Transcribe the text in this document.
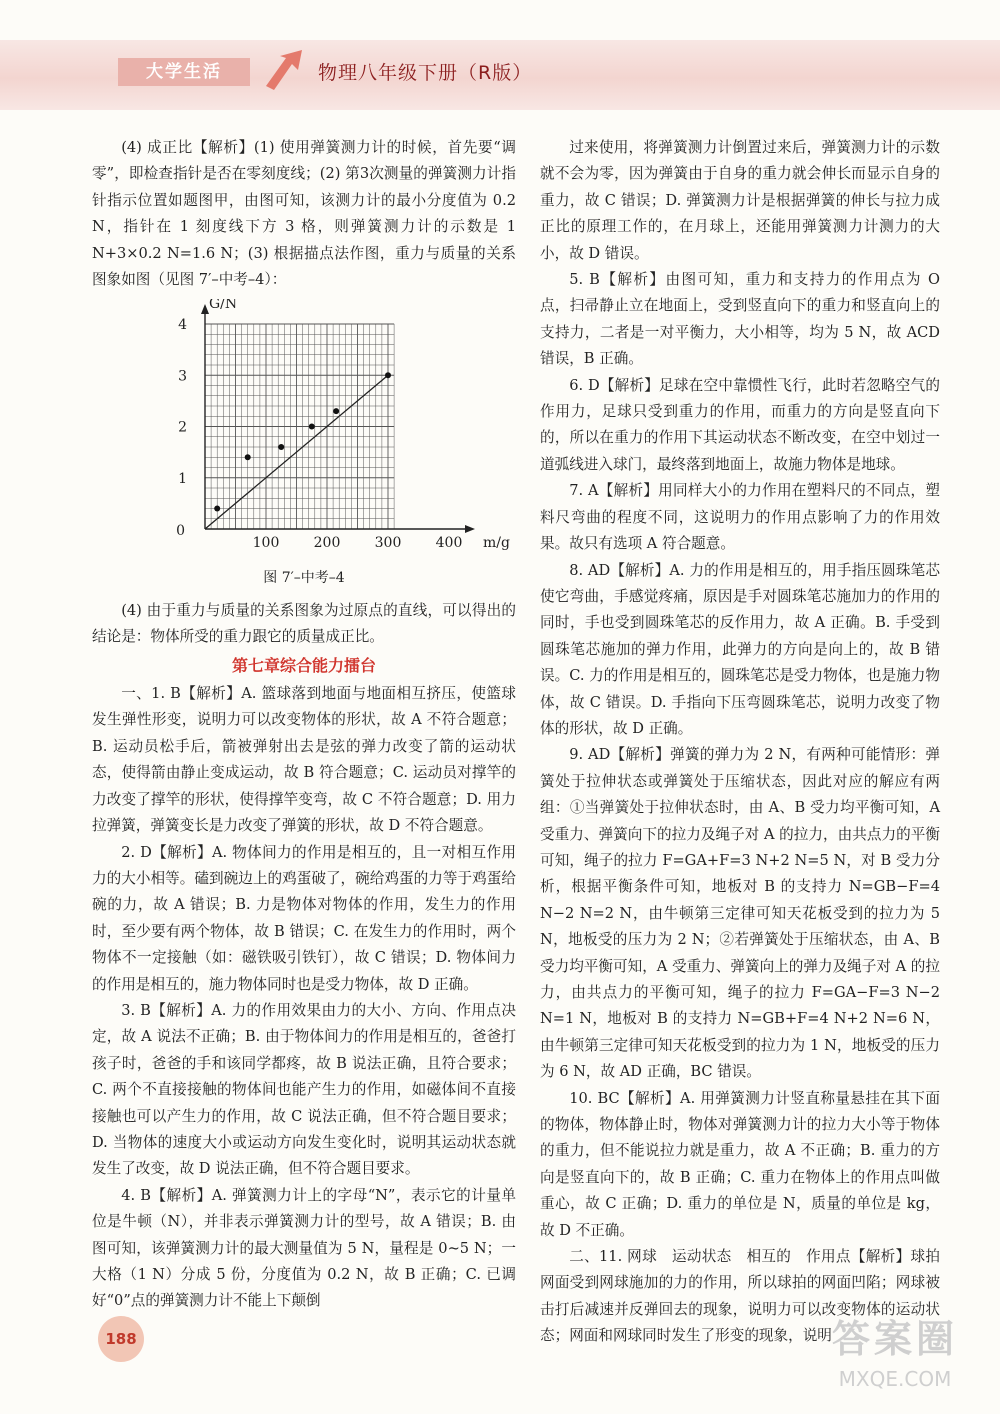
大学生活	物理八年级下册（R版）

(4) 成正比【解析】(1) 使用弹簧测力计的时候，首先要“调零”，即检查指针是否在零刻度线；(2) 第3次测量的弹簧测力计指针指示位置如题图甲，由图可知，该测力计的最小分度值为 0.2 N，指针在 1 刻度线下方 3 格，则弹簧测力计的示数是 1 N+3×0.2 N=1.6 N；(3) 根据描点法作图，重力与质量的关系图象如图（见图 7′–中考–4）：

100 200 300 400
1
2
3
4
0
G/N
m/g
图 7′–中考–4

(4) 由于重力与质量的关系图象为过原点的直线，可以得出的结论是：物体所受的重力跟它的质量成正比。

第七章综合能力擂台

一、1. B【解析】A. 篮球落到地面与地面相互挤压，使篮球发生弹性形变，说明力可以改变物体的形状，故 A 不符合题意；B. 运动员松手后，箭被弹射出去是弦的弹力改变了箭的运动状态，使得箭由静止变成运动，故 B 符合题意；C. 运动员对撑竿的力改变了撑竿的形状，使得撑竿变弯，故 C 不符合题意；D. 用力拉弹簧，弹簧变长是力改变了弹簧的形状，故 D 不符合题意。

2. D【解析】A. 物体间力的作用是相互的，且一对相互作用力的大小相等。磕到碗边上的鸡蛋破了，碗给鸡蛋的力等于鸡蛋给碗的力，故 A 错误；B. 力是物体对物体的作用，发生力的作用时，至少要有两个物体，故 B 错误；C. 在发生力的作用时，两个物体不一定接触（如：磁铁吸引铁钉），故 C 错误；D. 物体间力的作用是相互的，施力物体同时也是受力物体，故 D 正确。

3. B【解析】A. 力的作用效果由力的大小、方向、作用点决定，故 A 说法不正确；B. 由于物体间力的作用是相互的，爸爸打孩子时，爸爸的手和该同学都疼，故 B 说法正确，且符合要求；C. 两个不直接接触的物体间也能产生力的作用，如磁体间不直接接触也可以产生力的作用，故 C 说法正确，但不符合题目要求；D. 当物体的速度大小或运动方向发生变化时，说明其运动状态就发生了改变，故 D 说法正确，但不符合题目要求。

4. B【解析】A. 弹簧测力计上的字母“N”，表示它的计量单位是牛顿（N），并非表示弹簧测力计的型号，故 A 错误；B. 由图可知，该弹簧测力计的最大测量值为 5 N，量程是 0~5 N；一大格（1 N）分成 5 份，分度值为 0.2 N，故 B 正确；C. 已调好“0”点的弹簧测力计不能上下颠倒

过来使用，将弹簧测力计倒置过来后，弹簧测力计的示数就不会为零，因为弹簧由于自身的重力就会伸长而显示自身的重力，故 C 错误；D. 弹簧测力计是根据弹簧的伸长与拉力成正比的原理工作的，在月球上，还能用弹簧测力计测力的大小，故 D 错误。

5. B【解析】由图可知，重力和支持力的作用点为 O 点，扫帚静止立在地面上，受到竖直向下的重力和竖直向上的支持力，二者是一对平衡力，大小相等，均为 5 N，故 ACD 错误，B 正确。

6. D【解析】足球在空中靠惯性飞行，此时若忽略空气的作用力，足球只受到重力的作用，而重力的方向是竖直向下的，所以在重力的作用下其运动状态不断改变，在空中划过一道弧线进入球门，最终落到地面上，故施力物体是地球。

7. A【解析】用同样大小的力作用在塑料尺的不同点，塑料尺弯曲的程度不同，这说明力的作用点影响了力的作用效果。故只有选项 A 符合题意。

8. AD【解析】A. 力的作用是相互的，用手指压圆珠笔芯使它弯曲，手感觉疼痛，原因是手对圆珠笔芯施加力的作用的同时，手也受到圆珠笔芯的反作用力，故 A 正确。B. 手受到圆珠笔芯施加的弹力作用，此弹力的方向是向上的，故 B 错误。C. 力的作用是相互的，圆珠笔芯是受力物体，也是施力物体，故 C 错误。D. 手指向下压弯圆珠笔芯，说明力改变了物体的形状，故 D 正确。

9. AD【解析】弹簧的弹力为 2 N，有两种可能情形：弹簧处于拉伸状态或弹簧处于压缩状态，因此对应的解应有两组：①当弹簧处于拉伸状态时，由 A、B 受力均平衡可知，A 受重力、弹簧向下的拉力及绳子对 A 的拉力，由共点力的平衡可知，绳子的拉力 F=GA+F=3 N+2 N=5 N，对 B 受力分析，根据平衡条件可知，地板对 B 的支持力 N=GB−F=4 N−2 N=2 N，由牛顿第三定律可知天花板受到的拉力为 5 N，地板受的压力为 2 N；②若弹簧处于压缩状态，由 A、B 受力均平衡可知，A 受重力、弹簧向上的弹力及绳子对 A 的拉力，由共点力的平衡可知，绳子的拉力 F=GA−F=3 N−2 N=1 N，地板对 B 的支持力 N=GB+F=4 N+2 N=6 N，由牛顿第三定律可知天花板受到的拉力为 1 N，地板受的压力为 6 N，故 AD 正确，BC 错误。

10. BC【解析】A. 用弹簧测力计竖直称量悬挂在其下面的物体，物体静止时，物体对弹簧测力计的拉力大小等于物体的重力，但不能说拉力就是重力，故 A 不正确；B. 重力的方向是竖直向下的，故 B 正确；C. 重力在物体上的作用点叫做重心，故 C 正确；D. 重力的单位是 N，质量的单位是 kg，故 D 不正确。

二、11. 网球　运动状态　相互的　作用点【解析】球拍网面受到网球施加的力的作用，所以球拍的网面凹陷；网球被击打后减速并反弹回去的现象，说明力可以改变物体的运动状态；网面和网球同时发生了形变的现象，说明

188	答案圈
MXQE.COM
